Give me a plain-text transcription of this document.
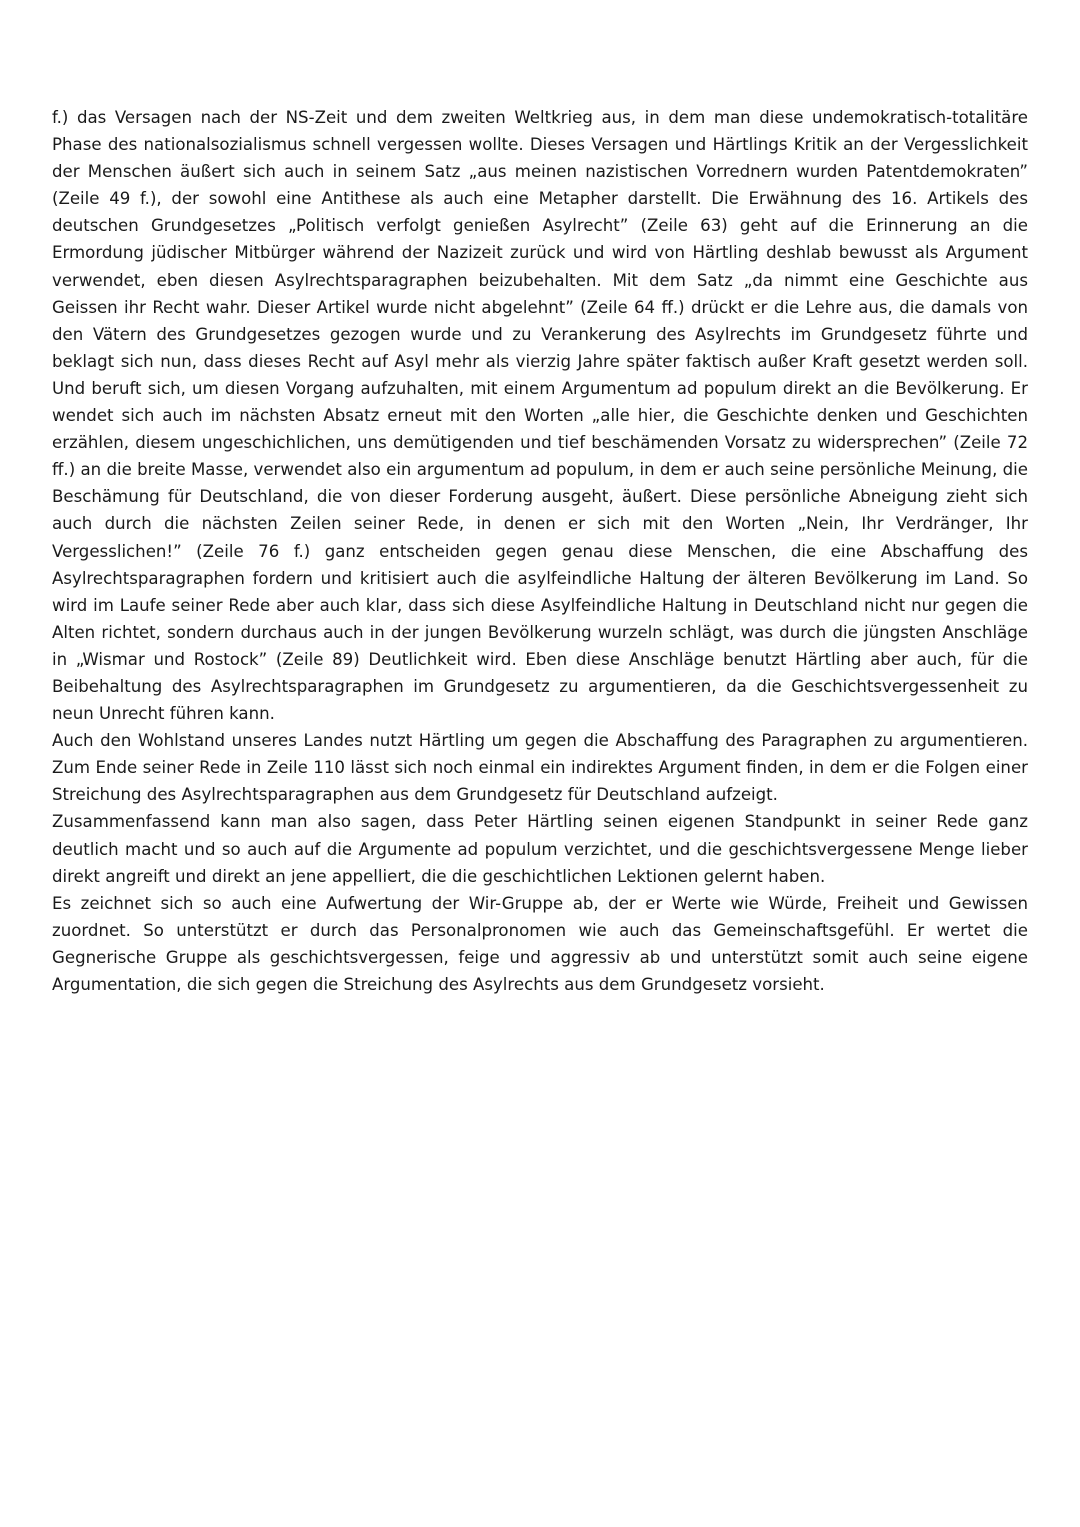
f.) das Versagen nach der NS-Zeit und dem zweiten Weltkrieg aus, in dem man diese undemokratisch-totalitäre Phase des nationalsozialismus schnell vergessen wollte. Dieses Versagen und Härtlings Kritik an der Vergesslichkeit der Menschen äußert sich auch in seinem Satz „aus meinen nazistischen Vorrednern wurden Patentdemokraten” (Zeile 49 f.), der sowohl eine Antithese als auch eine Metapher darstellt. Die Erwähnung des 16. Artikels des deutschen Grundgesetzes „Politisch verfolgt genießen Asylrecht” (Zeile 63) geht auf die Erinnerung an die Ermordung jüdischer Mitbürger während der Nazizeit zurück und wird von Härtling deshlab bewusst als Argument verwendet, eben diesen Asylrechtsparagraphen beizubehalten. Mit dem Satz „da nimmt eine Geschichte aus Geissen ihr Recht wahr. Dieser Artikel wurde nicht abgelehnt” (Zeile 64 ff.) drückt er die Lehre aus, die damals von den Vätern des Grundgesetzes gezogen wurde und zu Verankerung des Asylrechts im Grundgesetz führte und beklagt sich nun, dass dieses Recht auf Asyl mehr als vierzig Jahre später faktisch außer Kraft gesetzt werden soll. Und beruft sich, um diesen Vorgang aufzuhalten, mit einem Argumentum ad populum direkt an die Bevölkerung. Er wendet sich auch im nächsten Absatz erneut mit den Worten „alle hier, die Geschichte denken und Geschichten erzählen, diesem ungeschichlichen, uns demütigenden und tief beschämenden Vorsatz zu widersprechen” (Zeile 72 ff.) an die breite Masse, verwendet also ein argumentum ad populum, in dem er auch seine persönliche Meinung, die Beschämung für Deutschland, die von dieser Forderung ausgeht, äußert. Diese persönliche Abneigung zieht sich auch durch die nächsten Zeilen seiner Rede, in denen er sich mit den Worten „Nein, Ihr Verdränger, Ihr Vergesslichen!” (Zeile 76 f.) ganz entscheiden gegen genau diese Menschen, die eine Abschaffung des Asylrechtsparagraphen fordern und kritisiert auch die asylfeindliche Haltung der älteren Bevölkerung im Land. So wird im Laufe seiner Rede aber auch klar, dass sich diese Asylfeindliche Haltung in Deutschland nicht nur gegen die Alten richtet, sondern durchaus auch in der jungen Bevölkerung wurzeln schlägt, was durch die jüngsten Anschläge in „Wismar und Rostock” (Zeile 89) Deutlichkeit wird. Eben diese Anschläge benutzt Härtling aber auch, für die Beibehaltung des Asylrechtsparagraphen im Grundgesetz zu argumentieren, da die Geschichtsvergessenheit zu neun Unrecht führen kann.

Auch den Wohlstand unseres Landes nutzt Härtling um gegen die Abschaffung des Paragraphen zu argumentieren. Zum Ende seiner Rede in Zeile 110 lässt sich noch einmal ein indirektes Argument finden, in dem er die Folgen einer Streichung des Asylrechtsparagraphen aus dem Grundgesetz für Deutschland aufzeigt.

Zusammenfassend kann man also sagen, dass Peter Härtling seinen eigenen Standpunkt in seiner Rede ganz deutlich macht und so auch auf die Argumente ad populum verzichtet, und die geschichtsvergessene Menge lieber direkt angreift und direkt an jene appelliert, die die geschichtlichen Lektionen gelernt haben.

Es zeichnet sich so auch eine Aufwertung der Wir-Gruppe ab, der er Werte wie Würde, Freiheit und Gewissen zuordnet. So unterstützt er durch das Personalpronomen wie auch das Gemeinschaftsgefühl. Er wertet die Gegnerische Gruppe als geschichtsvergessen, feige und aggressiv ab und unterstützt somit auch seine eigene Argumentation, die sich gegen die Streichung des Asylrechts aus dem Grundgesetz vorsieht.
